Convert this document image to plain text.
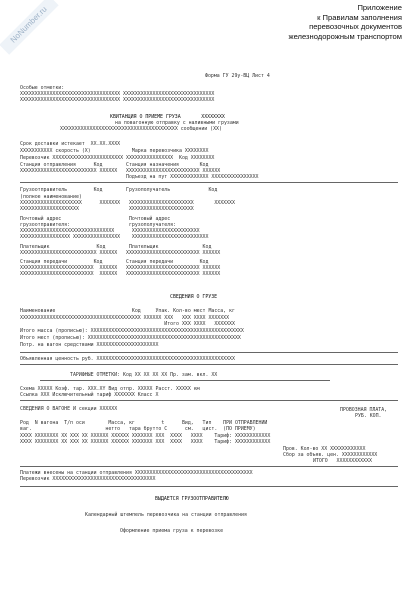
NoNumber.ru	Приложение
к Правилам заполнения
перевозочных документов
железнодорожным транспортом
Форма ГУ 29у-ВЦ Лист 4
Особые отметки:
XXXXXXXXXXXXXXXXXXXXXXXXXXXXXXXXXX XXXXXXXXXXXXXXXXXXXXXXXXXXXXXXX
XXXXXXXXXXXXXXXXXXXXXXXXXXXXXXXXXX XXXXXXXXXXXXXXXXXXXXXXXXXXXXXXX
КВИТАНЦИЯ О ПРИЕМЕ ГРУЗА       XXXXXXXX
на повагонную отправку с наливными грузами
XXXXXXXXXXXXXXXXXXXXXXXXXXXXXXXXXXXXXXXX сообщении (XX)
Срок доставки истекает  XX.XX.XXXX
XXXXXXXXXXX скорость (X)              Марка перевозчика XXXXXXXX
Перевозчик XXXXXXXXXXXXXXXXXXXXXXXX XXXXXXXXXXXXXXXX  Код XXXXXXXX
Станция отправления      Код        Станция назначения       Код
XXXXXXXXXXXXXXXXXXXXXXXXXX XXXXXX   XXXXXXXXXXXXXXXXXXXXXXXXX XXXXXX
Подъезд на пут XXXXXXXXXXXXX XXXXXXXXXXXXXXXX
Грузоотправитель         Код        Грузополучатель             Код
(полное наименование)
XXXXXXXXXXXXXXXXXXXXX      XXXXXXX   XXXXXXXXXXXXXXXXXXXXXX       XXXXXXX
XXXXXXXXXXXXXXXXXXXX                 XXXXXXXXXXXXXXXXXXXXXX
Почтовый адрес                       Почтовый адрес
грузоотправителя:                    грузополучателя:
XXXXXXXXXXXXXXXXXXXXXXXXXXXXXXXX      XXXXXXXXXXXXXXXXXXXXXXX
XXXXXXXXXXXXXXXXX XXXXXXXXXXXXXXXX    XXXXXXXXXXXXXXXXXXXXXXXXXX
Плательщик                Код        Плательщик               Код
XXXXXXXXXXXXXXXXXXXXXXXXXX XXXXXX   XXXXXXXXXXXXXXXXXXXXXXXXX XXXXXX
Станция передачи         Код        Станция передачи         Код
XXXXXXXXXXXXXXXXXXXXXXXXX  XXXXXX   XXXXXXXXXXXXXXXXXXXXXXXXX XXXXXX
XXXXXXXXXXXXXXXXXXXXXXXXX  XXXXXX   XXXXXXXXXXXXXXXXXXXXXXXXX XXXXXX
СВЕДЕНИЯ О ГРУЗЕ
Наименование                          Код     Упак. Кол-во мест Масса, кг
XXXXXXXXXXXXXXXXXXXXXXXXXXXXXXXXXXXXXXXXX XXXXXX XXX   XXX XXXX XXXXXXX
Итого XXX XXXX   XXXXXXX
Итого масса (прописью): XXXXXXXXXXXXXXXXXXXXXXXXXXXXXXXXXXXXXXXXXXXXXXXXXXXX
Итого мест (прописью): XXXXXXXXXXXXXXXXXXXXXXXXXXXXXXXXXXXXXXXXXXXXXXXXXXXX
Потр. на вагон средствами XXXXXXXXXXXXXXXXXXXXX
Объявленная ценность руб. XXXXXXXXXXXXXXXXXXXXXXXXXXXXXXXXXXXXXXXXXXXXXXX
ТАРИФНЫЕ ОТМЕТКИ: Код XX XX XX XX Пр. зам. вкл. XX
Схема XXXXX Коэф. тар. XXX.XY Вид отпр. XXXXX Расст. XXXXX км
Ссылка XXX Исключительный тариф XXXXXXX Класс X
СВЕДЕНИЯ О ВАГОНЕ И секции XXXXXX	ПРОВОЗНАЯ ПЛАТА,
РУБ. КОП.
Род  N вагона  Т/п оси        Масса, кг         t      Вид,   Тип    ПРИ ОТПРАВЛЕНИИ
ваг.                         нетто   тара брутто С      см.   цист.  (ПО ПРИЕМУ)
XXXX XXXXXXXX XX XXX XX XXXXXX XXXXXX XXXXXXX XXX  XXXX   XXXX    Тариф: XXXXXXXXXXXX
XXXX XXXXXXXX XX XXX XX XXXXXX XXXXXX XXXXXXX XXX  XXXX   XXXX    Тариф: XXXXXXXXXXXX
Пров. Кол-во XX XXXXXXXXXXXX
Сбор за объяв. цен. XXXXXXXXXXXX
ИТОГО   XXXXXXXXXXXX
Платежи внесены на станции отправления XXXXXXXXXXXXXXXXXXXXXXXXXXXXXXXXXXXXXXXX
Перевозчик XXXXXXXXXXXXXXXXXXXXXXXXXXXXXXXXXXX
ВЫДАЕТСЯ ГРУЗООТПРАВИТЕЛЮ
Календарный штемпель перевозчика на станции отправления
Оформление приема груза к перевозке
